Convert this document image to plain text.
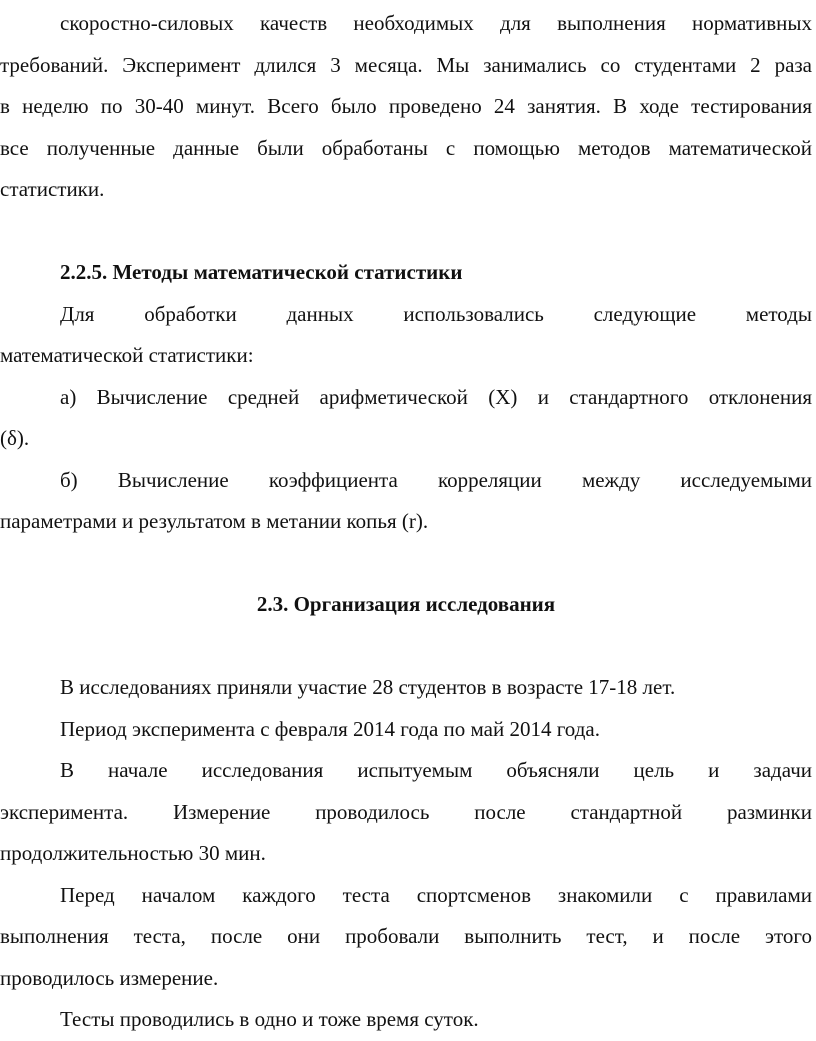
скоростно-силовых качеств необходимых для выполнения нормативных
требований. Эксперимент длился 3 месяца. Мы занимались со студентами 2 раза
в неделю по 30-40 минут. Всего было проведено 24 занятия. В ходе тестирования
все полученные данные были обработаны с помощью методов математической
статистики.
2.2.5. Методы математической статистики
Для обработки данных использовались следующие методы
математической статистики:
а) Вычисление средней арифметической (Х) и стандартного отклонения
(δ).
б) Вычисление коэффициента корреляции между исследуемыми
параметрами и результатом в метании копья (r).
2.3. Организация исследования
В исследованиях приняли участие 28 студентов в возрасте 17-18 лет.
Период эксперимента с февраля 2014 года по май 2014 года.
В начале исследования испытуемым объясняли цель и задачи
эксперимента. Измерение проводилось после стандартной разминки
продолжительностью 30 мин.
Перед началом каждого теста спортсменов знакомили с правилами
выполнения теста, после они пробовали выполнить тест, и после этого
проводилось измерение.
Тесты проводились в одно и тоже время суток.
